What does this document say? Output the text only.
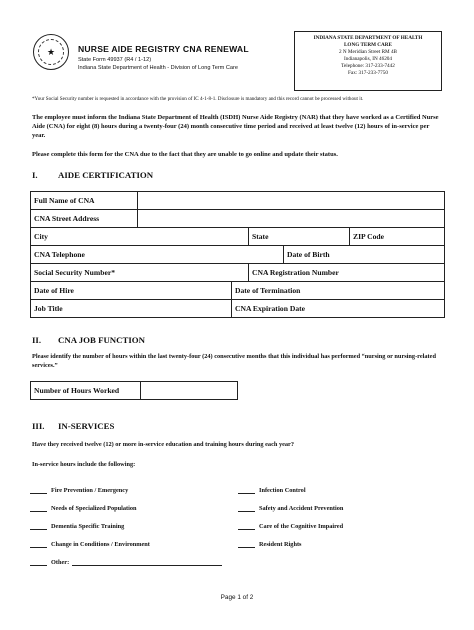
★	NURSE AIDE REGISTRY CNA RENEWAL
State Form 49937 (R4 / 1-12)
Indiana State Department of Health - Division of Long Term Care
INDIANA STATE DEPARTMENT OF HEALTH
LONG TERM CARE
2 N Meridian Street RM 4B
Indianapolis, IN 46204
Telephone: 317-233-7442
Fax: 317-233-7750
*Your Social Security number is requested in accordance with the provision of IC 4-1-8-1. Disclosure is mandatory and this record cannot be processed without it.
The employee must inform the Indiana State Department of Health (ISDH) Nurse Aide Registry (NAR) that they have worked as a Certified Nurse Aide (CNA) for eight (8) hours during a twenty-four (24) month consecutive time period and received at least twelve (12) hours of in-service per year.
Please complete this form for the CNA due to the fact that they are unable to go online and update their status.
I. AIDE CERTIFICATION
Full Name of CNA					
CNA Street Address					
City			State		ZIP Code
CNA Telephone				Date of Birth	
Social Security Number*			CNA Registration Number		
Date of Hire		Date of Termination			
Job Title		CNA Expiration Date			
II. CNA JOB FUNCTION
Please identify the number of hours within the last twenty-four (24) consecutive months that this individual has performed “nursing or nursing-related services.”
Number of Hours Worked	
III. IN-SERVICES
Have they received twelve (12) or more in-service education and training hours during each year?
In-service hours include the following:
Fire Prevention / Emergency
Needs of Specialized Population
Dementia Specific Training
Change in Conditions / Environment
Other:
Infection Control
Safety and Accident Prevention
Care of the Cognitive Impaired
Resident Rights
Page 1 of 2
